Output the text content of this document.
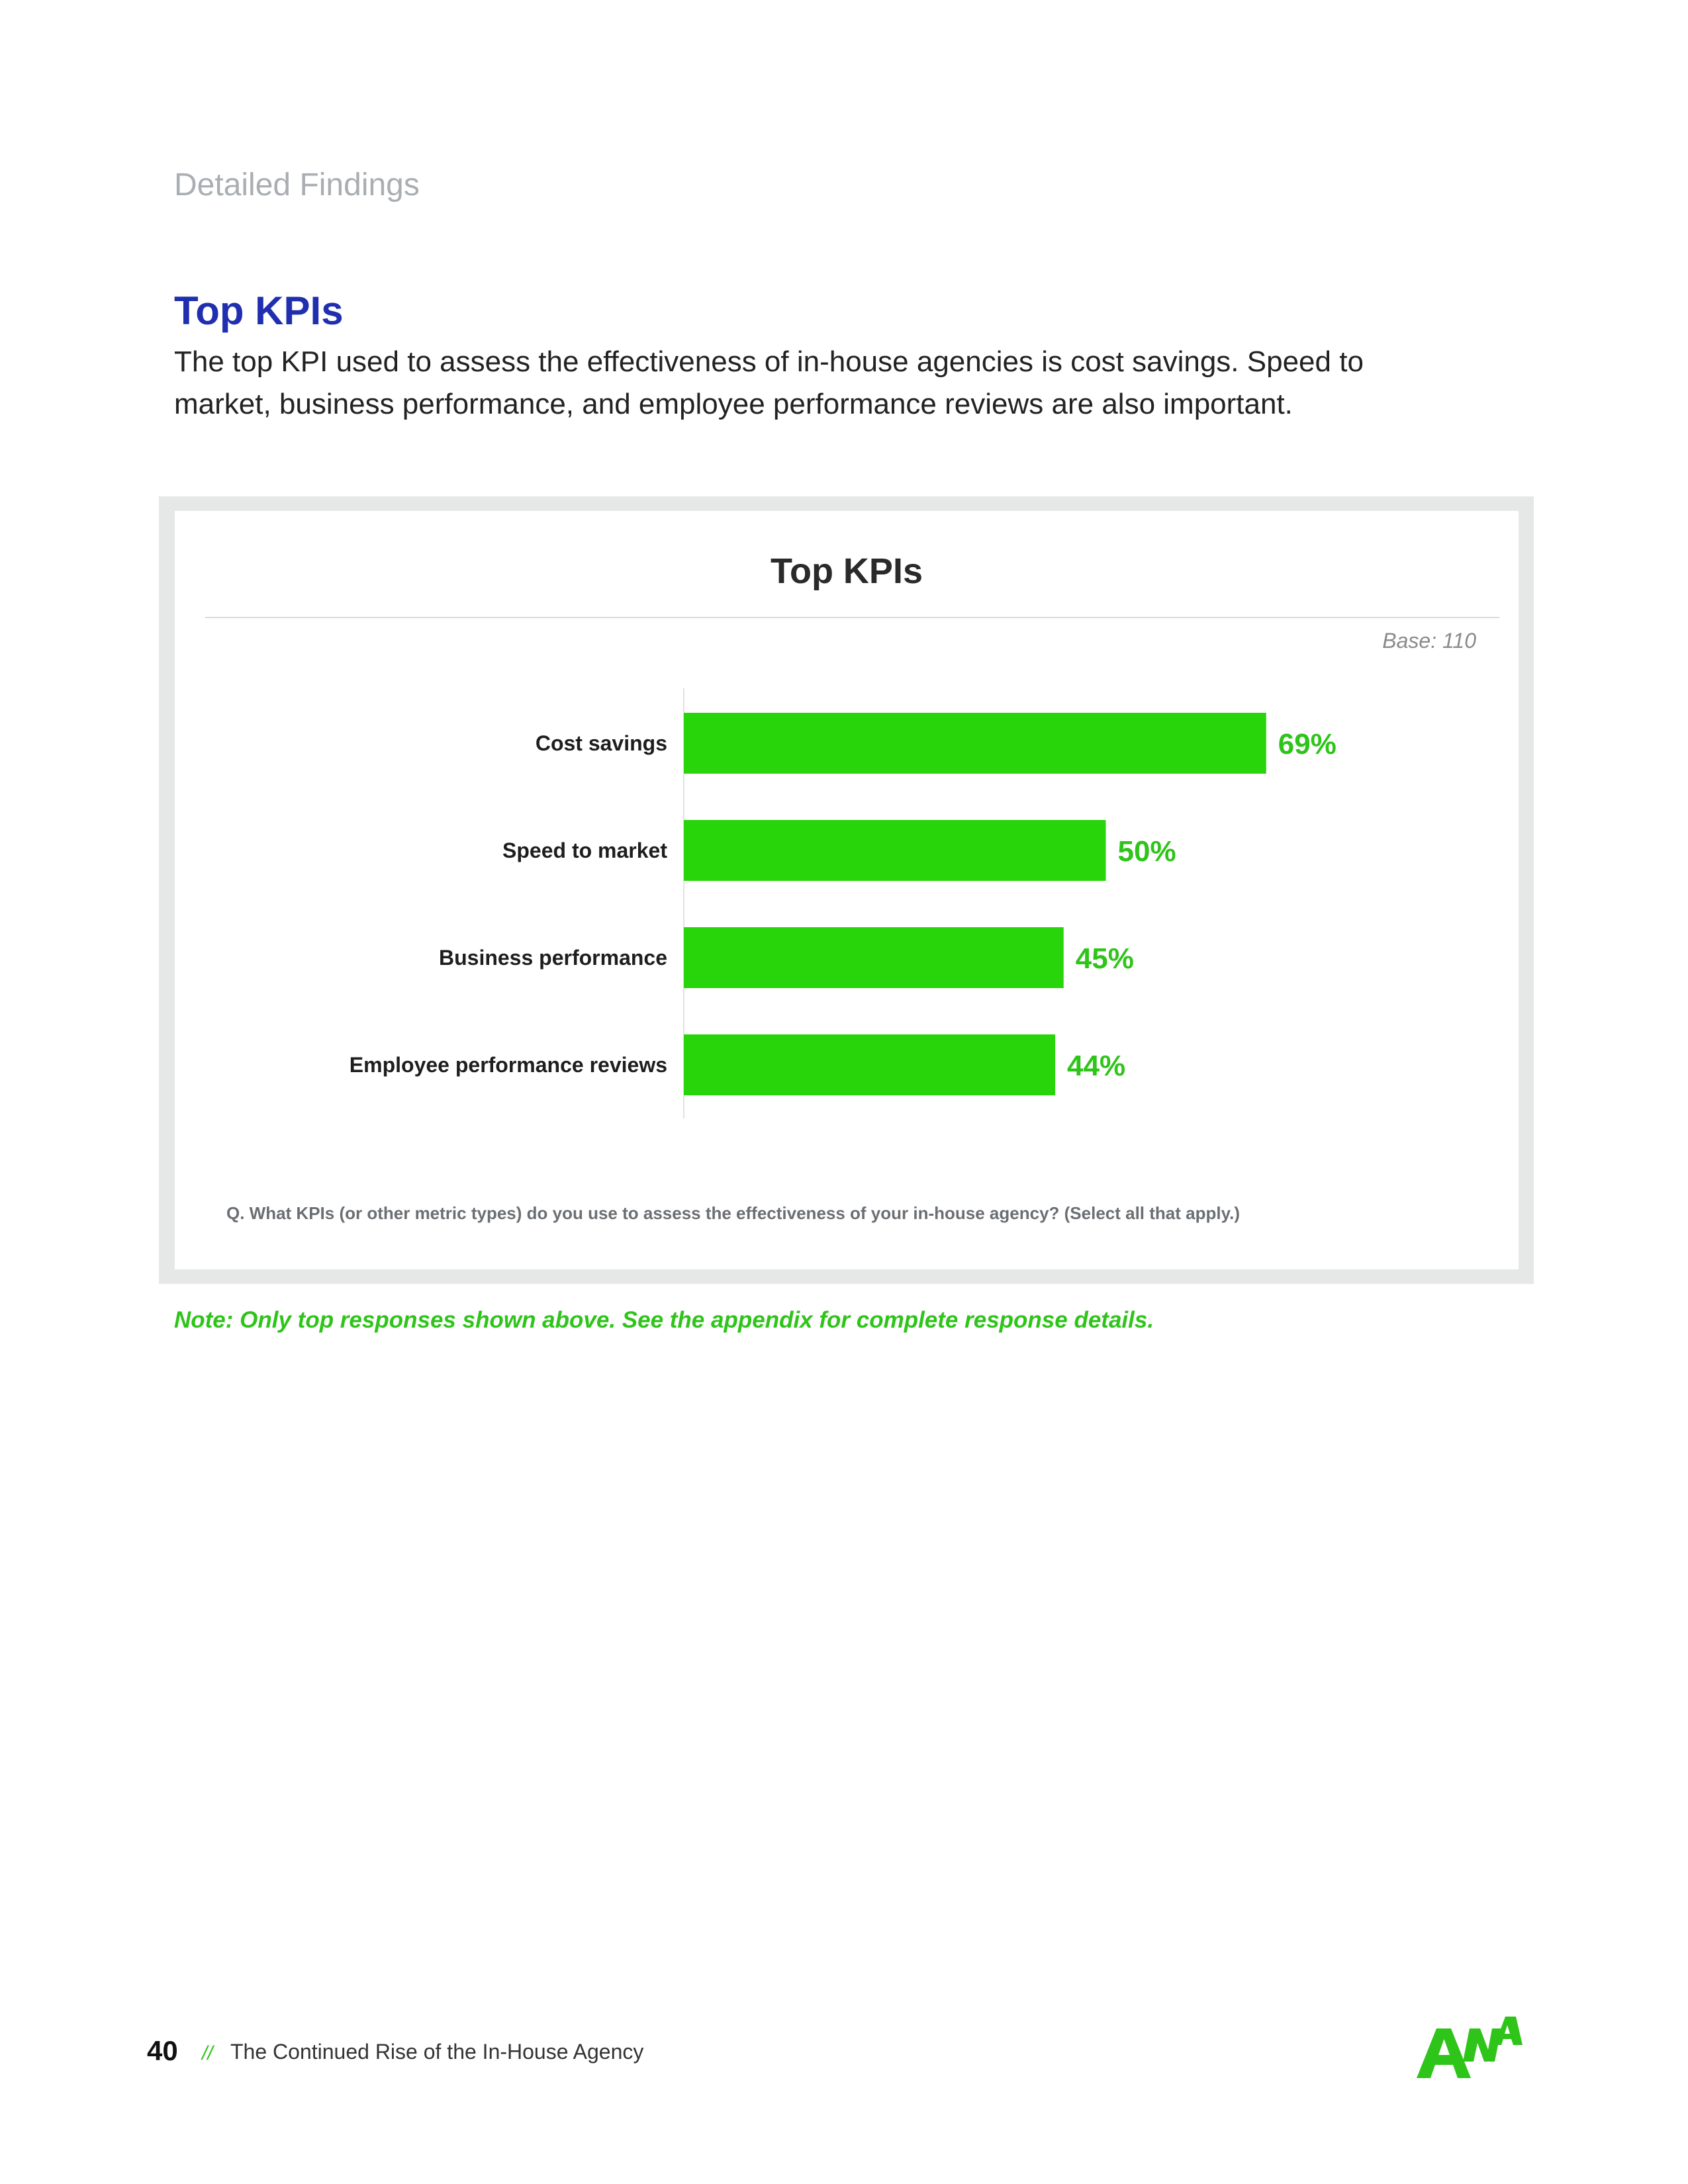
Detailed Findings
Top KPIs
The top KPI used to assess the effectiveness of in-house agencies is cost savings. Speed to market, business performance, and employee performance reviews are also important.
Top KPIs
Base: 110
Cost savings	69%
Speed to market	50%
Business performance	45%
Employee performance reviews	44%
Q. What KPIs (or other metric types) do you use to assess the effectiveness of your in-house agency? (Select all that apply.)
Note: Only top responses shown above. See the appendix for complete response details.
40 // The Continued Rise of the In-House Agency
